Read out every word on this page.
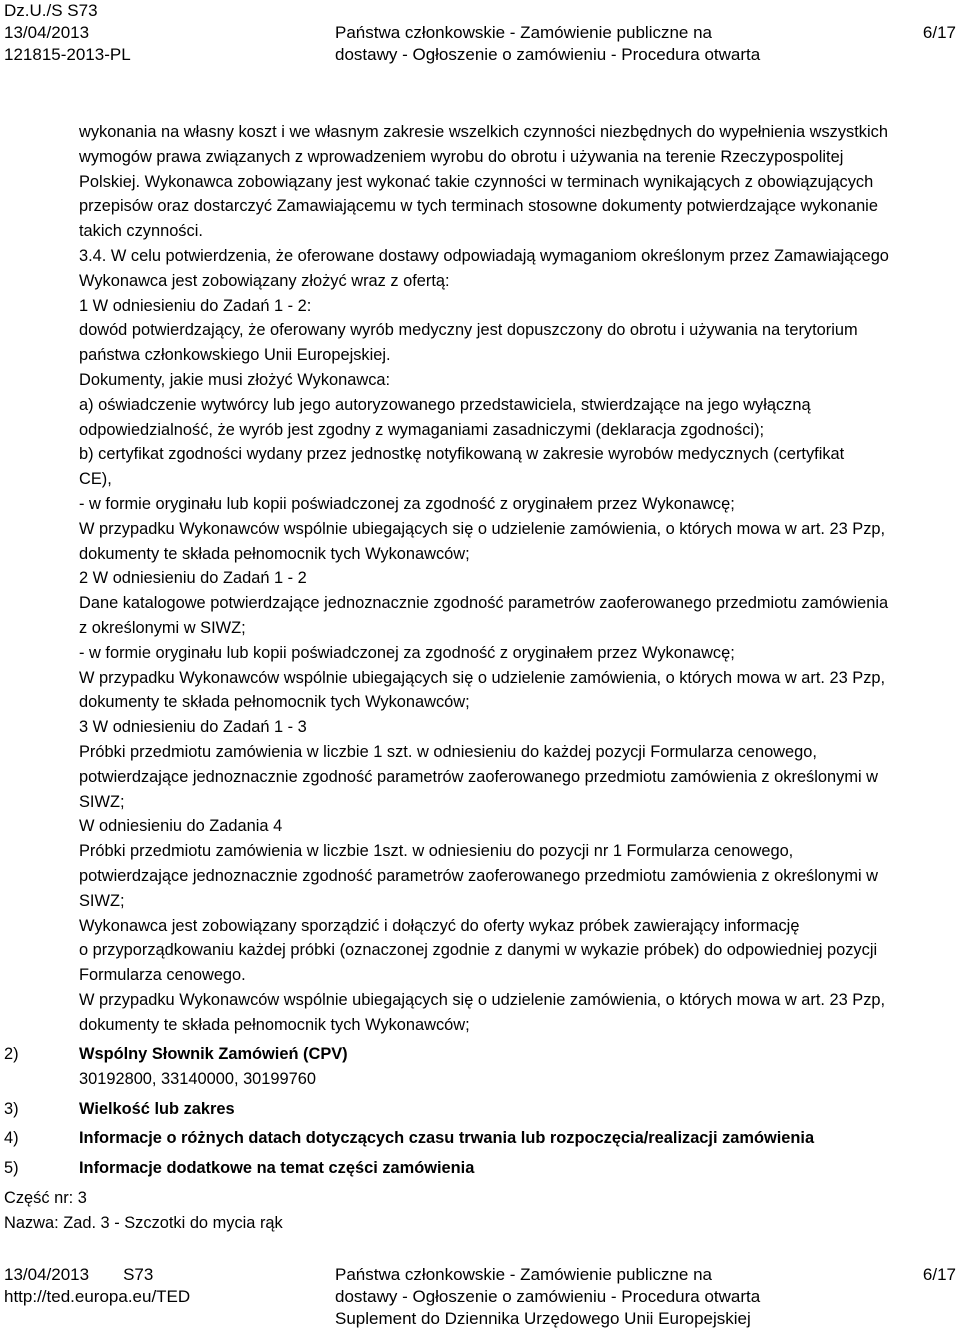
Dz.U./S S73
13/04/2013
121815-2013-PL
Państwa członkowskie - Zamówienie publiczne na
dostawy - Ogłoszenie o zamówieniu - Procedura otwarta
6/17

wykonania na własny koszt i we własnym zakresie wszelkich czynności niezbędnych do wypełnienia wszystkich

wymogów prawa związanych z wprowadzeniem wyrobu do obrotu i używania na terenie Rzeczypospolitej

Polskiej. Wykonawca zobowiązany jest wykonać takie czynności w terminach wynikających z obowiązujących

przepisów oraz dostarczyć Zamawiającemu w tych terminach stosowne dokumenty potwierdzające wykonanie

takich czynności.

3.4. W celu potwierdzenia, że oferowane dostawy odpowiadają wymaganiom określonym przez Zamawiającego

Wykonawca jest zobowiązany złożyć wraz z ofertą:

1 W odniesieniu do Zadań 1 - 2:

dowód potwierdzający, że oferowany wyrób medyczny jest dopuszczony do obrotu i używania na terytorium

państwa członkowskiego Unii Europejskiej.

Dokumenty, jakie musi złożyć Wykonawca:

a) oświadczenie wytwórcy lub jego autoryzowanego przedstawiciela, stwierdzające na jego wyłączną

odpowiedzialność, że wyrób jest zgodny z wymaganiami zasadniczymi (deklaracja zgodności);

b) certyfikat zgodności wydany przez jednostkę notyfikowaną w zakresie wyrobów medycznych (certyfikat

CE),

- w formie oryginału lub kopii poświadczonej za zgodność z oryginałem przez Wykonawcę;

W przypadku Wykonawców wspólnie ubiegających się o udzielenie zamówienia, o których mowa w art. 23 Pzp,

dokumenty te składa pełnomocnik tych Wykonawców;

2 W odniesieniu do Zadań 1 - 2

Dane katalogowe potwierdzające jednoznacznie zgodność parametrów zaoferowanego przedmiotu zamówienia

z określonymi w SIWZ;

- w formie oryginału lub kopii poświadczonej za zgodność z oryginałem przez Wykonawcę;

W przypadku Wykonawców wspólnie ubiegających się o udzielenie zamówienia, o których mowa w art. 23 Pzp,

dokumenty te składa pełnomocnik tych Wykonawców;

3 W odniesieniu do Zadań 1 - 3

Próbki przedmiotu zamówienia w liczbie 1 szt. w odniesieniu do każdej pozycji Formularza cenowego,

potwierdzające jednoznacznie zgodność parametrów zaoferowanego przedmiotu zamówienia z określonymi w

SIWZ;

W odniesieniu do Zadania 4

Próbki przedmiotu zamówienia w liczbie 1szt. w odniesieniu do pozycji nr 1 Formularza cenowego,

potwierdzające jednoznacznie zgodność parametrów zaoferowanego przedmiotu zamówienia z określonymi w

SIWZ;

Wykonawca jest zobowiązany sporządzić i dołączyć do oferty wykaz próbek zawierający informację

o przyporządkowaniu każdej próbki (oznaczonej zgodnie z danymi w wykazie próbek) do odpowiedniej pozycji

Formularza cenowego.

W przypadku Wykonawców wspólnie ubiegających się o udzielenie zamówienia, o których mowa w art. 23 Pzp,

dokumenty te składa pełnomocnik tych Wykonawców;

2)	Wspólny Słownik Zamówień (CPV)
30192800, 33140000, 30199760
3)	Wielkość lub zakres
4)	Informacje o różnych datach dotyczących czasu trwania lub rozpoczęcia/realizacji zamówienia
5)	Informacje dodatkowe na temat części zamówienia

Część nr: 3

Nazwa: Zad. 3 - Szczotki do mycia rąk

13/04/2013 S73
http://ted.europa.eu/TED
Państwa członkowskie - Zamówienie publiczne na
dostawy - Ogłoszenie o zamówieniu - Procedura otwarta
Suplement do Dziennika Urzędowego Unii Europejskiej
6/17
